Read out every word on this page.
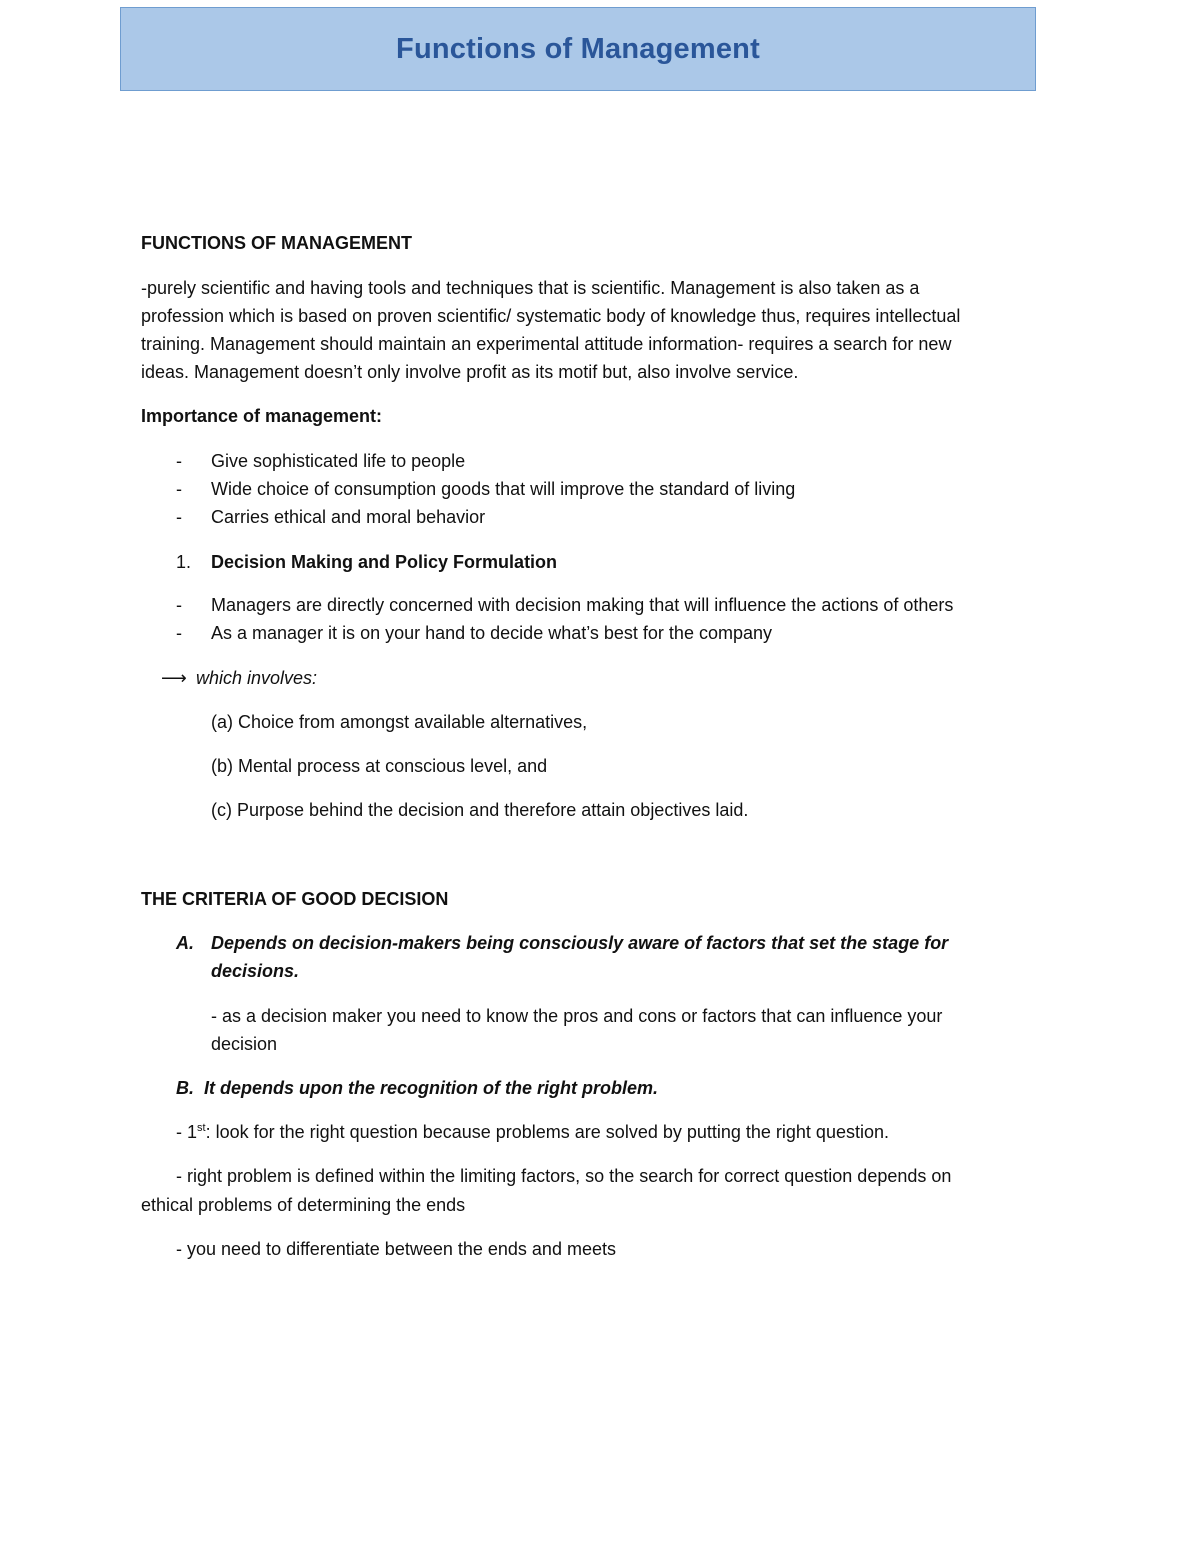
Functions of Management
FUNCTIONS OF MANAGEMENT
-purely scientific and having tools and techniques that is scientific. Management is also taken as a
profession which is based on proven scientific/ systematic body of knowledge thus, requires intellectual
training. Management should maintain an experimental attitude information- requires a search for new
ideas. Management doesn’t only involve profit as its motif but, also involve service.
Importance of management:
- Give sophisticated life to people
- Wide choice of consumption goods that will improve the standard of living
- Carries ethical and moral behavior
1. Decision Making and Policy Formulation
- Managers are directly concerned with decision making that will influence the actions of others
- As a manager it is on your hand to decide what’s best for the company
⟶ which involves:
(a) Choice from amongst available alternatives,
(b) Mental process at conscious level, and
(c) Purpose behind the decision and therefore attain objectives laid.
THE CRITERIA OF GOOD DECISION
A. Depends on decision-makers being consciously aware of factors that set the stage for
decisions.
- as a decision maker you need to know the pros and cons or factors that can influence your
decision
B. It depends upon the recognition of the right problem.
- 1st: look for the right question because problems are solved by putting the right question.
- right problem is defined within the limiting factors, so the search for correct question depends on
ethical problems of determining the ends
- you need to differentiate between the ends and meets
